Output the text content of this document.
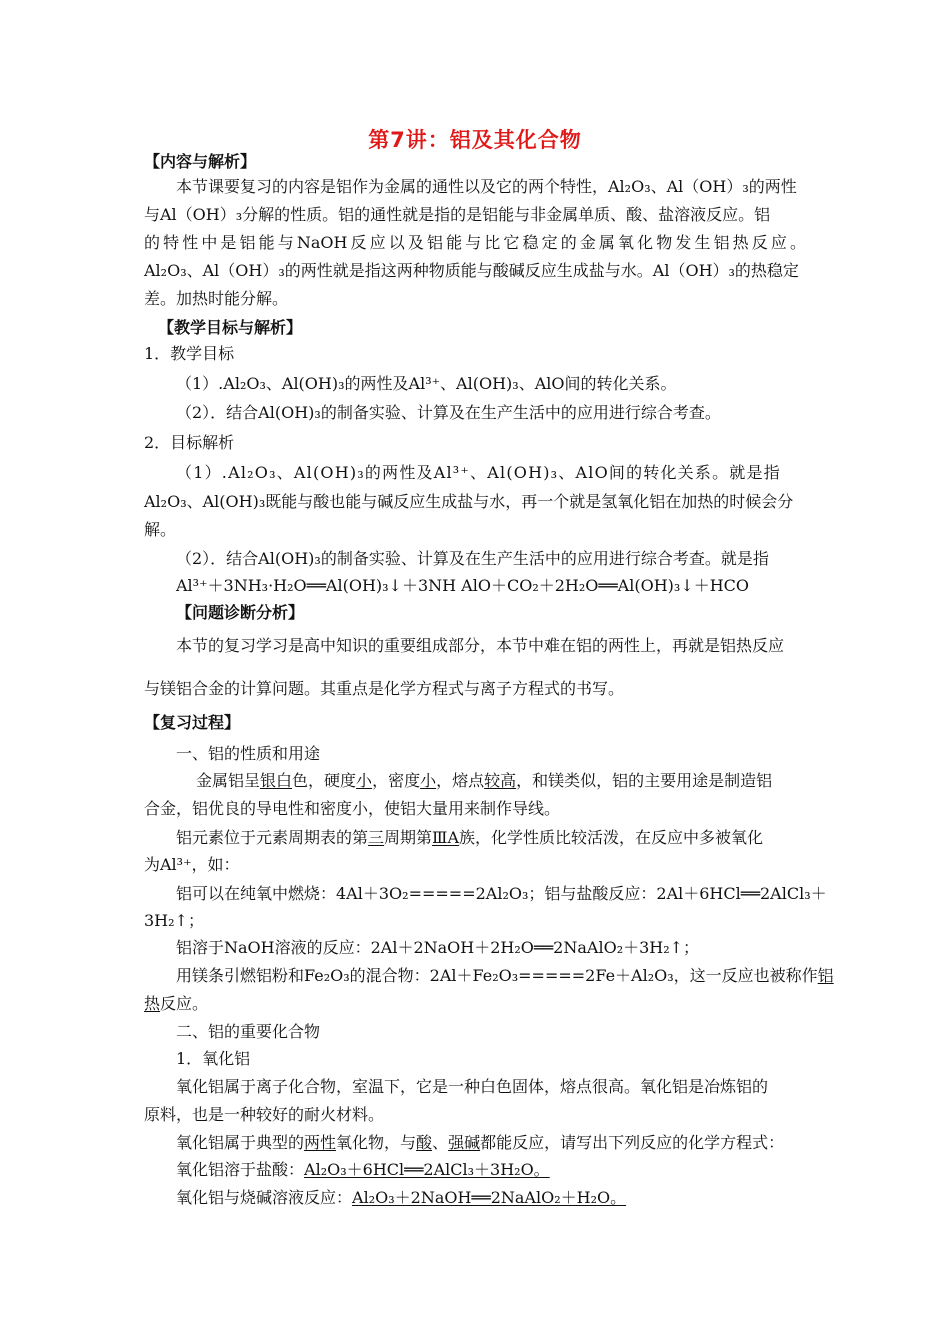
第7讲：铝及其化合物
【内容与解析】
本节课要复习的内容是铝作为金属的通性以及它的两个特性，Al₂O₃、Al（OH）₃的两性
与Al（OH）₃分解的性质。铝的通性就是指的是铝能与非金属单质、酸、盐溶液反应。铝
的特性中是铝能与NaOH反应以及铝能与比它稳定的金属氧化物发生铝热反应。
Al₂O₃、Al（OH）₃的两性就是指这两种物质能与酸碱反应生成盐与水。Al（OH）₃的热稳定
差。加热时能分解。
【教学目标与解析】
1．教学目标
（1）.Al₂O₃、Al(OH)₃的两性及Al³⁺、Al(OH)₃、AlO间的转化关系。
（2）．结合Al(OH)₃的制备实验、计算及在生产生活中的应用进行综合考查。
2．目标解析
（1）.Al₂O₃、Al(OH)₃的两性及Al³⁺、Al(OH)₃、AlO间的转化关系。就是指
Al₂O₃、Al(OH)₃既能与酸也能与碱反应生成盐与水，再一个就是氢氧化铝在加热的时候会分
解。
（2）．结合Al(OH)₃的制备实验、计算及在生产生活中的应用进行综合考查。就是指
Al³⁺＋3NH₃·H₂O══Al(OH)₃↓＋3NH AlO＋CO₂＋2H₂O══Al(OH)₃↓＋HCO
【问题诊断分析】
本节的复习学习是高中知识的重要组成部分，本节中难在铝的两性上，再就是铝热反应
与镁铝合金的计算问题。其重点是化学方程式与离子方程式的书写。
【复习过程】
一、铝的性质和用途
金属铝呈银白色，硬度小，密度小，熔点较高，和镁类似，铝的主要用途是制造铝
合金，铝优良的导电性和密度小，使铝大量用来制作导线。
铝元素位于元素周期表的第三周期第ⅢA族，化学性质比较活泼，在反应中多被氧化
为Al³⁺，如：
铝可以在纯氧中燃烧：4Al＋3O₂=====2Al₂O₃；铝与盐酸反应：2Al＋6HCl══2AlCl₃＋
3H₂↑；
铝溶于NaOH溶液的反应：2Al＋2NaOH＋2H₂O══2NaAlO₂＋3H₂↑；
用镁条引燃铝粉和Fe₂O₃的混合物：2Al＋Fe₂O₃=====2Fe＋Al₂O₃，这一反应也被称作铝
热反应。
二、铝的重要化合物
1．氧化铝
氧化铝属于离子化合物，室温下，它是一种白色固体，熔点很高。氧化铝是冶炼铝的
原料，也是一种较好的耐火材料。
氧化铝属于典型的两性氧化物，与酸、强碱都能反应，请写出下列反应的化学方程式：
氧化铝溶于盐酸：Al₂O₃＋6HCl══2AlCl₃＋3H₂O。
氧化铝与烧碱溶液反应：Al₂O₃＋2NaOH══2NaAlO₂＋H₂O。
